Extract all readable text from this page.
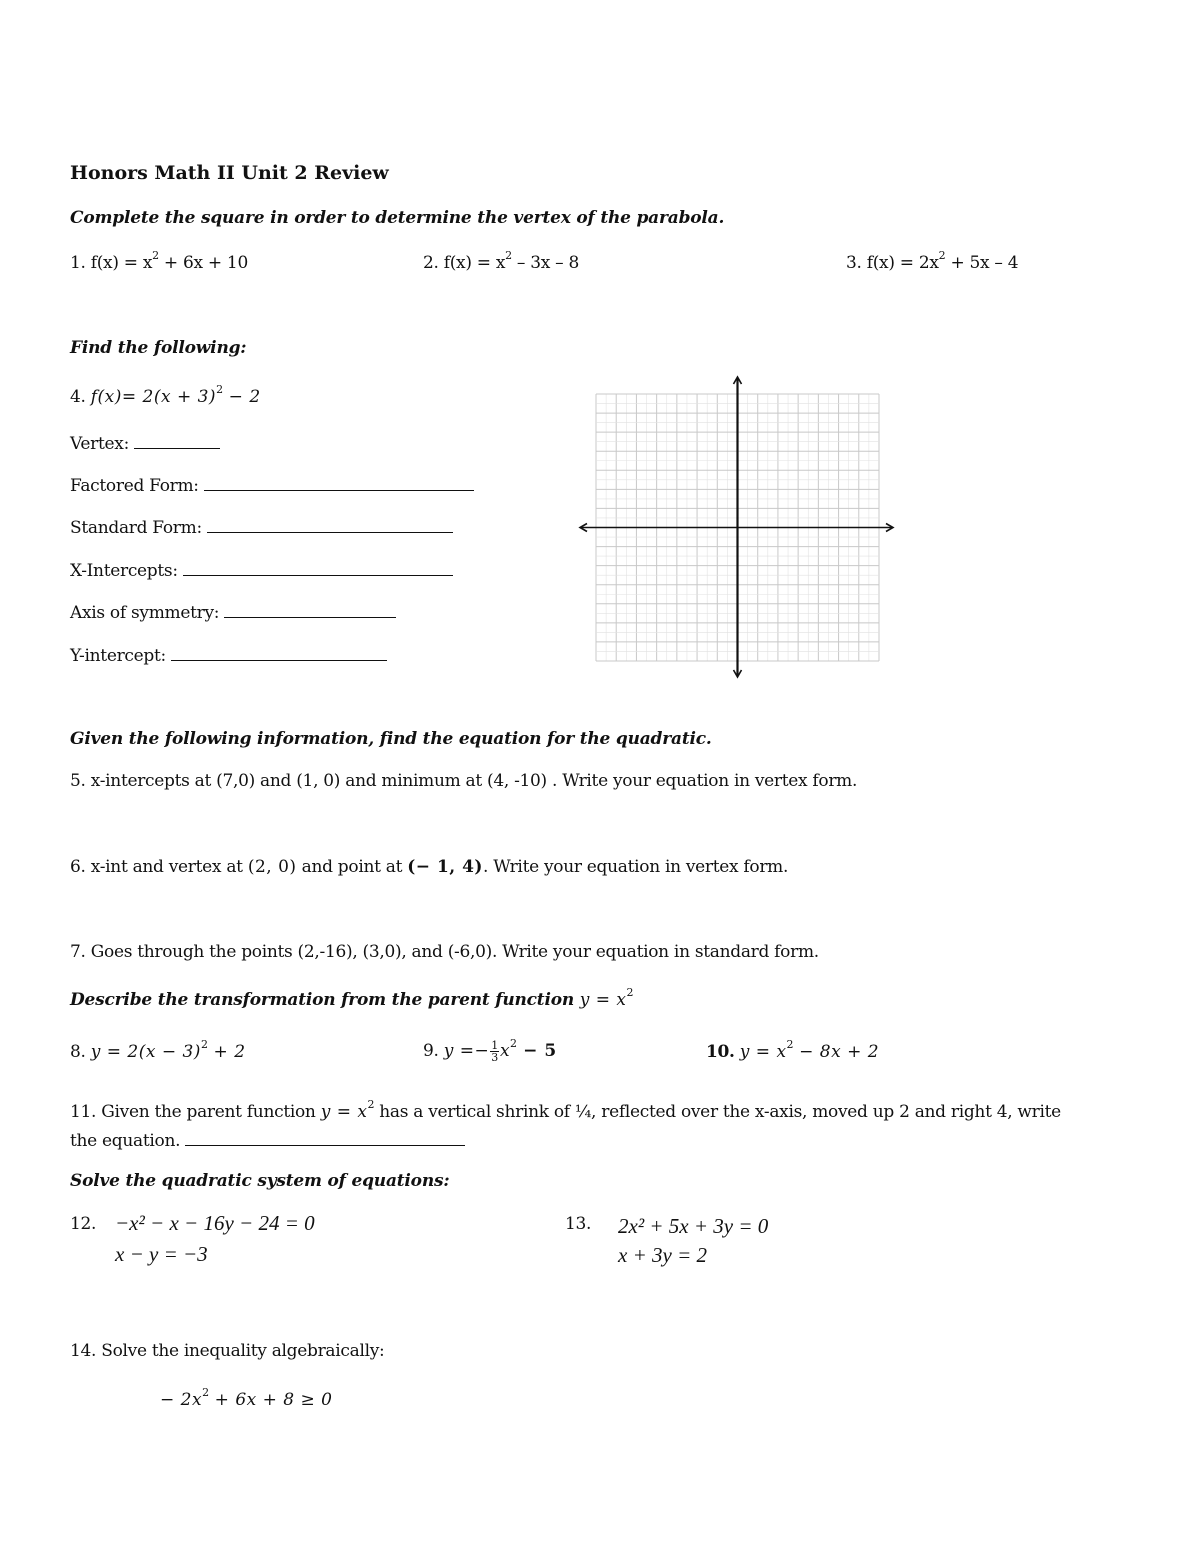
Honors Math II Unit 2 Review
Complete the square in order to determine the vertex of the parabola.
1. $f(x) = x^2 + 6x + 10$	2. $f(x) = x^2 - 3x - 8$	3. $f(x) = 2x^2 + 5x - 4$
Find the following:
4. $f(x)= 2(x + 3)^2 - 2$
Vertex:
Factored Form:
Standard Form:
X-Intercepts:
Axis of symmetry:
Y-intercept:
Given the following information, find the equation for the quadratic.
5. x-intercepts at (7,0) and (1, 0) and minimum at (4, -10) . Write your equation in vertex form.
6. x-int and vertex at (2, 0) and point at (− 1, 4). Write your equation in vertex form.
7. Goes through the points (2,-16), (3,0), and (-6,0). Write your equation in standard form.
Describe the transformation from the parent function $y = x^2$
8. $y = 2(x - 3)^2 + 2$	9. $y =- \frac{1}{3} x^2 - 5$	10. $y = x^2 - 8x + 2$
11. Given the parent function $y = x^2$ has a vertical shrink of ¼, reflected over the x-axis, moved up 2 and right 4, write
the equation.
Solve the quadratic system of equations:
12. −x² − x − 16y − 24 = 0
x − y = −3
13. 2x² + 5x + 3y = 0
x + 3y = 2
14. Solve the inequality algebraically:
− $2x^2 + 6x + 8 \ge 0$
